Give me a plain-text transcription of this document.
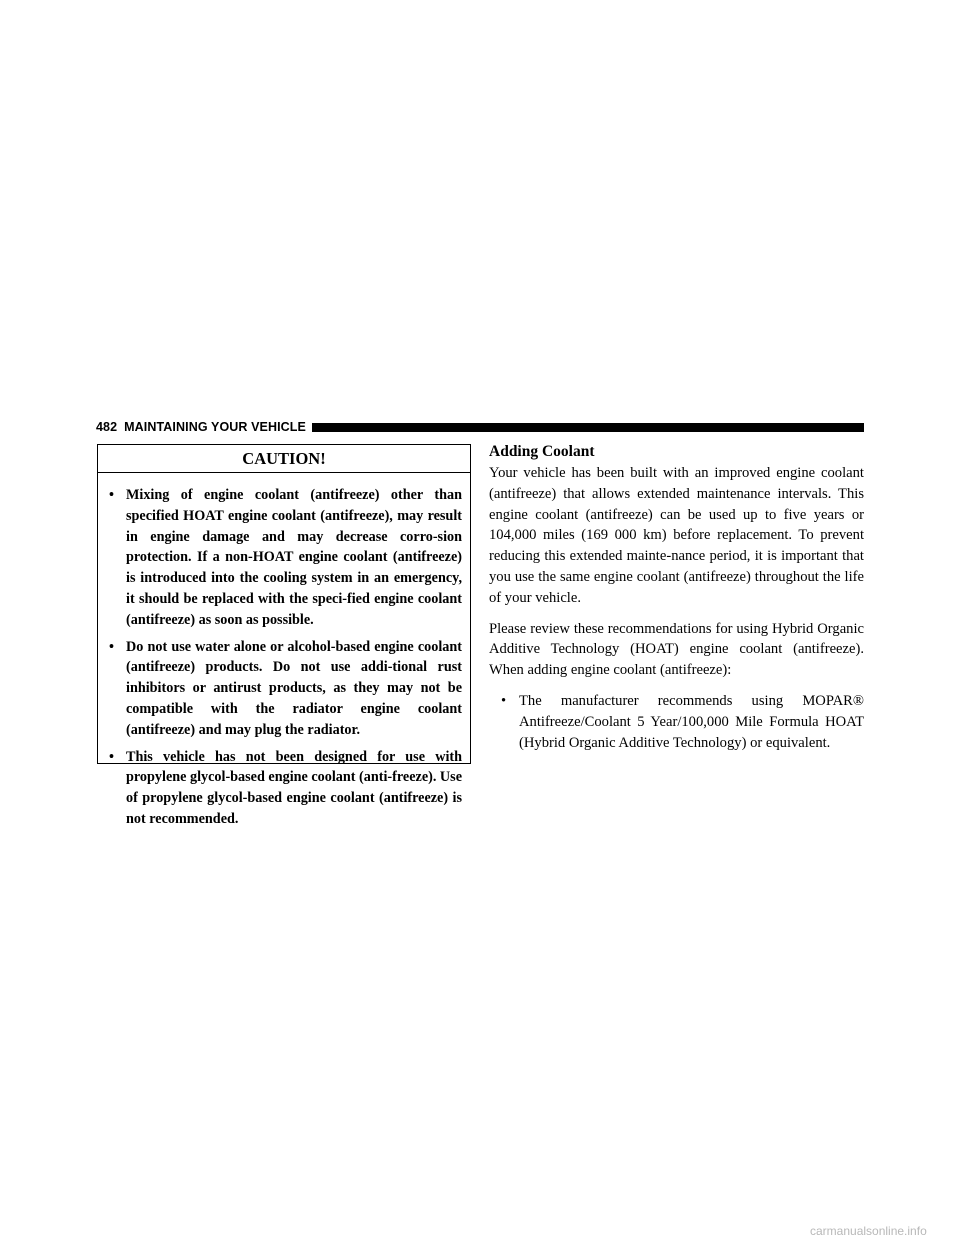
482 MAINTAINING YOUR VEHICLE
CAUTION!
• Mixing of engine coolant (antifreeze) other than specified HOAT engine coolant (antifreeze), may result in engine damage and may decrease corro-sion protection. If a non-HOAT engine coolant (antifreeze) is introduced into the cooling system in an emergency, it should be replaced with the speci-fied engine coolant (antifreeze) as soon as possible.
• Do not use water alone or alcohol-based engine coolant (antifreeze) products. Do not use addi-tional rust inhibitors or antirust products, as they may not be compatible with the radiator engine coolant (antifreeze) and may plug the radiator.
• This vehicle has not been designed for use with propylene glycol-based engine coolant (anti-freeze). Use of propylene glycol-based engine coolant (antifreeze) is not recommended.
Adding Coolant

Your vehicle has been built with an improved engine coolant (antifreeze) that allows extended maintenance intervals. This engine coolant (antifreeze) can be used up to five years or 104,000 miles (169 000 km) before replacement. To prevent reducing this extended mainte-nance period, it is important that you use the same engine coolant (antifreeze) throughout the life of your vehicle.

Please review these recommendations for using Hybrid Organic Additive Technology (HOAT) engine coolant (antifreeze). When adding engine coolant (antifreeze):

• The manufacturer recommends using MOPAR® Antifreeze/Coolant 5 Year/100,000 Mile Formula HOAT (Hybrid Organic Additive Technology) or equivalent.
carmanualsonline.info
